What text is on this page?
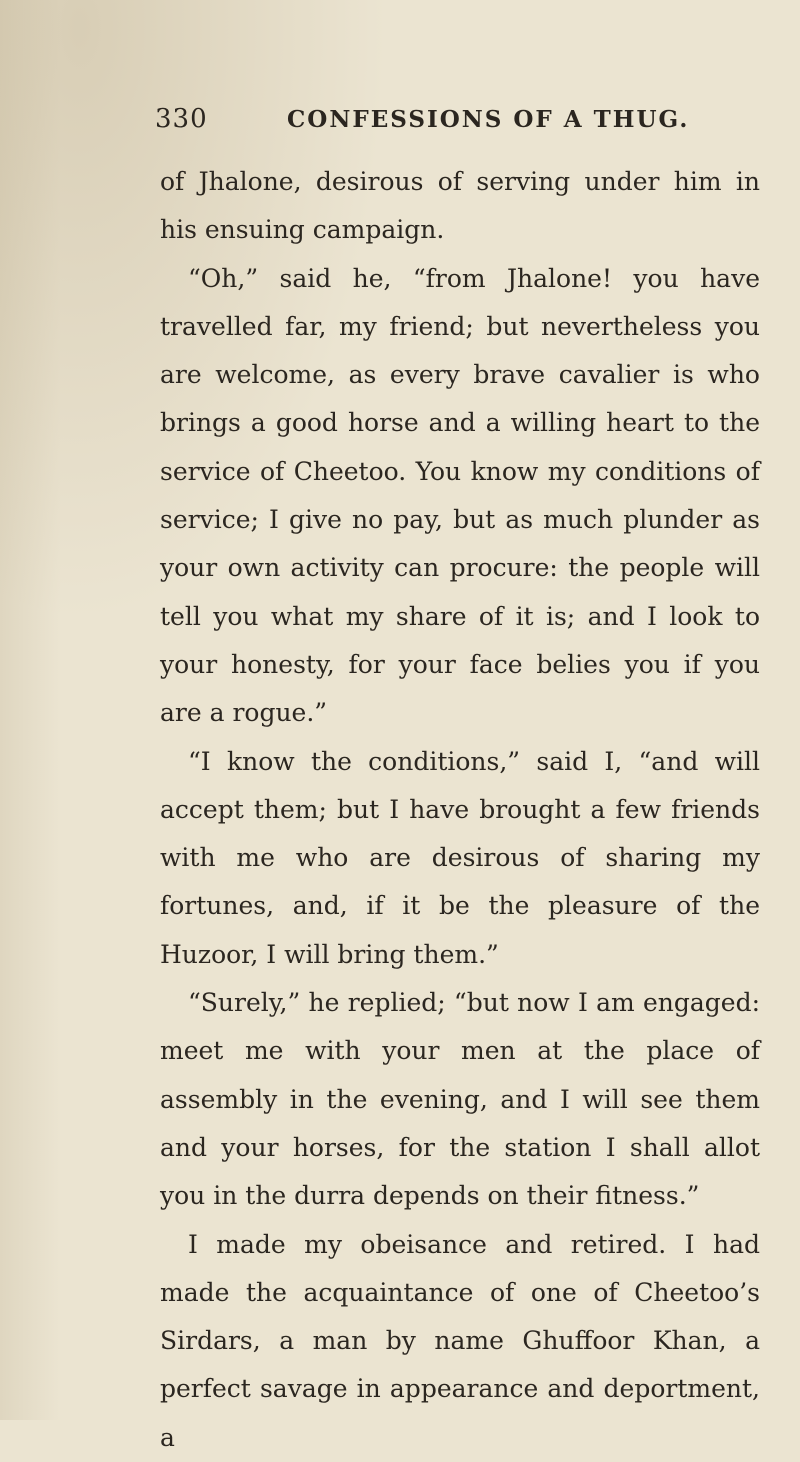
330	CONFESSIONS OF A THUG.

of Jhalone, desirous of serving under him in his ensuing campaign.

“Oh,” said he, “from Jhalone! you have travelled far, my friend; but nevertheless you are welcome, as every brave cavalier is who brings a good horse and a willing heart to the service of Cheetoo. You know my conditions of service; I give no pay, but as much plunder as your own activity can procure: the people will tell you what my share of it is; and I look to your honesty, for your face belies you if you are a rogue.”

“I know the conditions,” said I, “and will accept them; but I have brought a few friends with me who are desirous of sharing my fortunes, and, if it be the pleasure of the Huzoor, I will bring them.”

“Surely,” he replied; “but now I am engaged: meet me with your men at the place of assembly in the evening, and I will see them and your horses, for the station I shall allot you in the durra depends on their fitness.”

I made my obeisance and retired. I had made the acquaintance of one of Cheetoo’s Sirdars, a man by name Ghuffoor Khan, a perfect savage in appearance and deportment, a
